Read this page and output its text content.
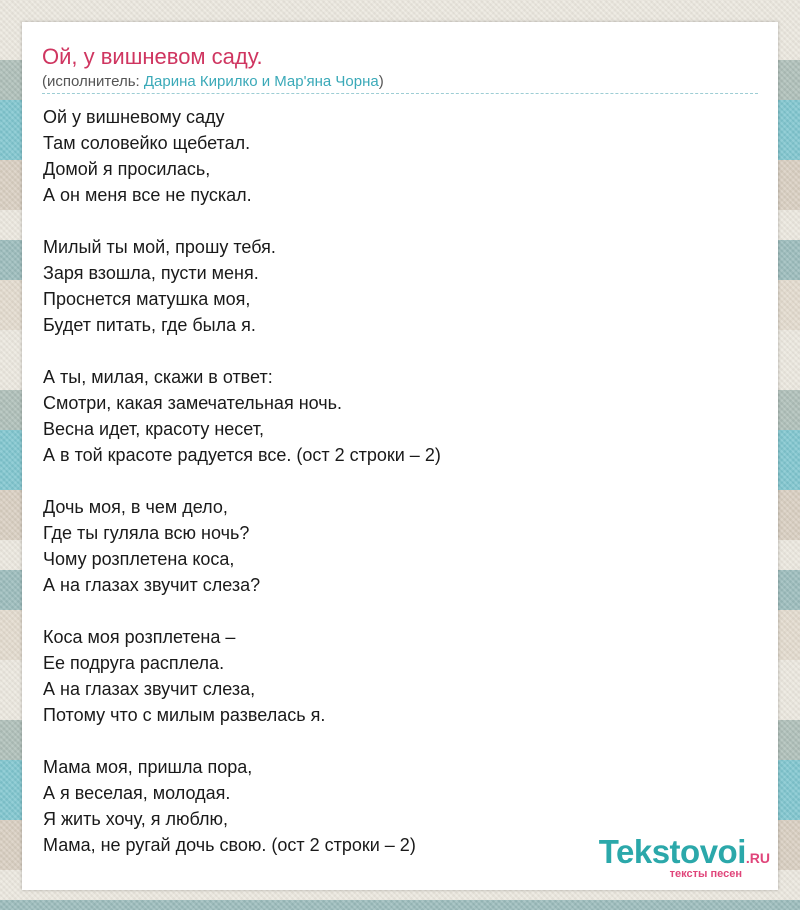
Ой, у вишневом саду.
(исполнитель: Дарина Кирилко и Мар'яна Чорна)
Ой у вишневому саду
Там соловейко щебетал.
Домой я просилась,
А он меня все не пускал.
Милый ты мой, прошу тебя.
Заря взошла, пусти меня.
Проснется матушка моя,
Будет питать, где была я.
А ты, милая, скажи в ответ:
Смотри, какая замечательная ночь.
Весна идет, красоту несет,
А в той красоте радуется все. (ост 2 строки – 2)
Дочь моя, в чем дело,
Где ты гуляла всю ночь?
Чому розплетена коса,
А на глазах звучит слеза?
Коса моя розплетена –
Ее подруга расплела.
А на глазах звучит слеза,
Потому что с милым развелась я.
Мама моя, пришла пора,
А я веселая, молодая.
Я жить хочу, я люблю,
Мама, не ругай дочь свою. (ост 2 строки – 2)	Tekstovoi.RU
тексты песен
